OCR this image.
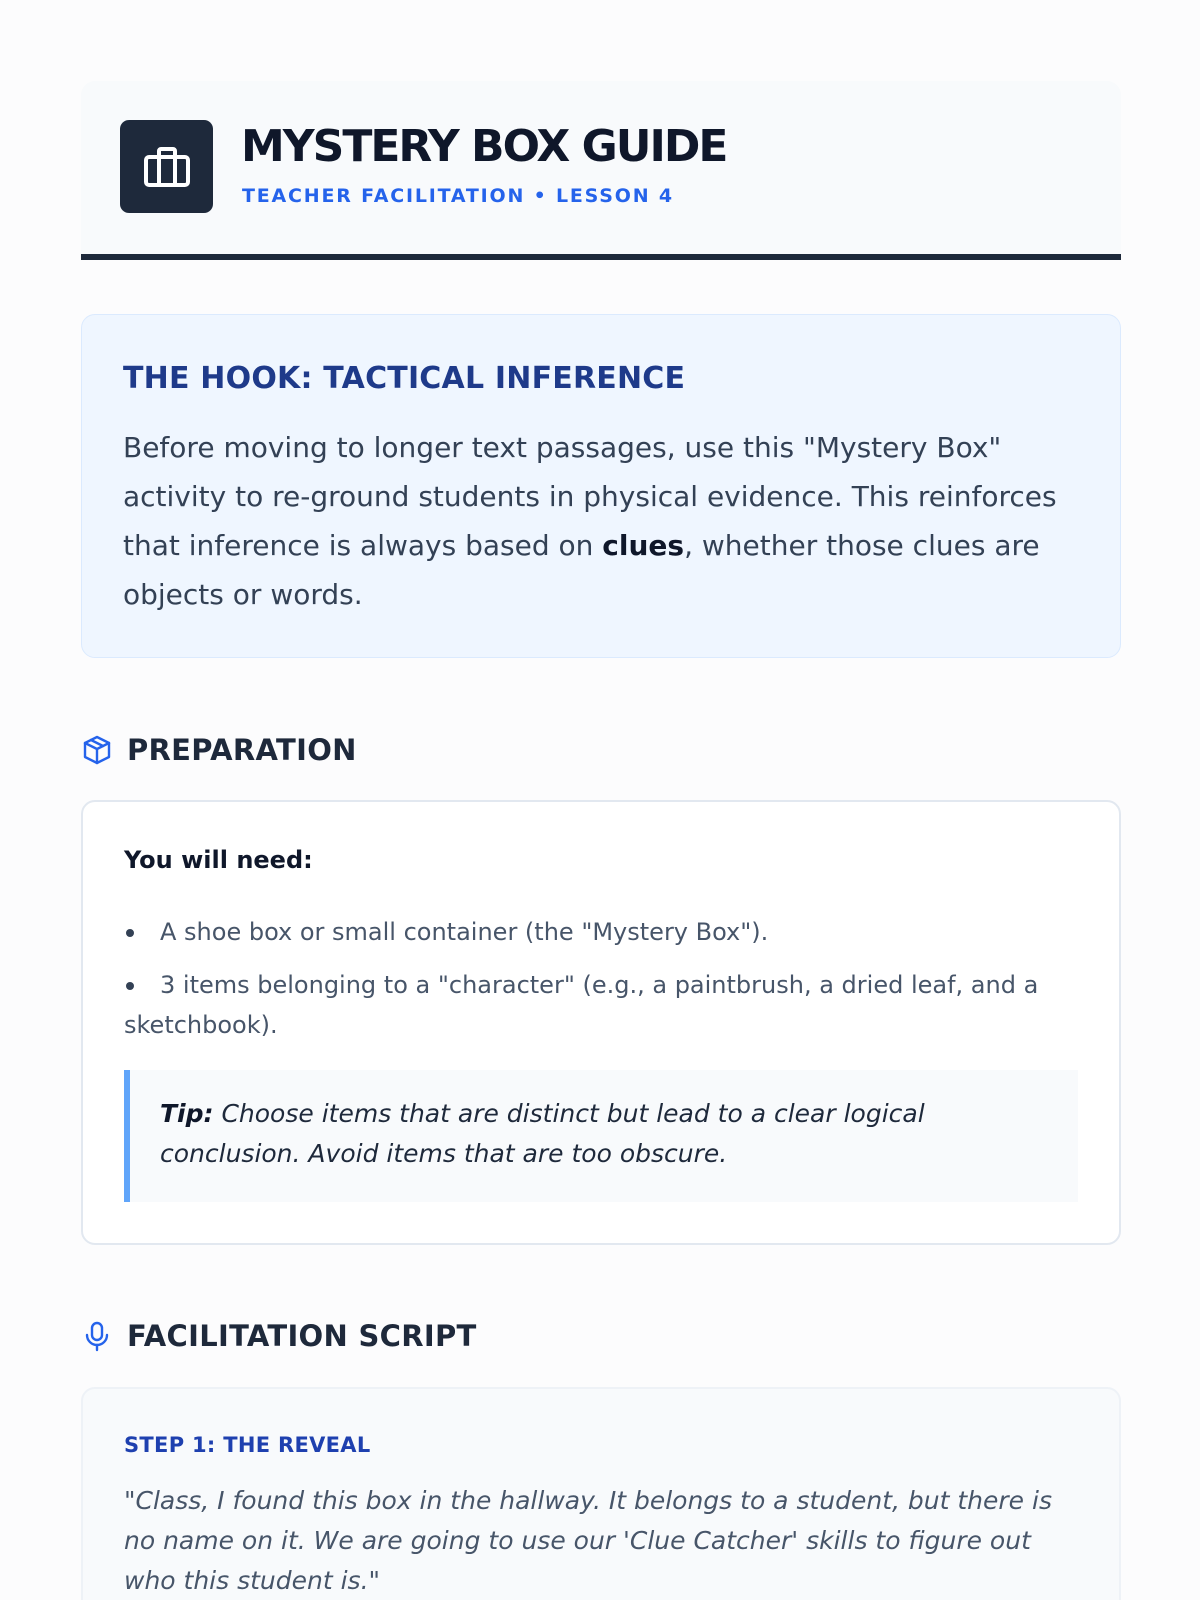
MYSTERY BOX GUIDE
TEACHER FACILITATION • LESSON 4
THE HOOK: TACTICAL INFERENCE

Before moving to longer text passages, use this "Mystery Box" activity to re-ground students in physical evidence. This reinforces that inference is always based on clues, whether those clues are objects or words.

PREPARATION
You will need:
A shoe box or small container (the "Mystery Box").
3 items belonging to a "character" (e.g., a paintbrush, a dried leaf, and a sketchbook).

Tip: Choose items that are distinct but lead to a clear logical conclusion. Avoid items that are too obscure.

FACILITATION SCRIPT
STEP 1: THE REVEAL

"Class, I found this box in the hallway. It belongs to a student, but there is no name on it. We are going to use our 'Clue Catcher' skills to figure out who this student is."
